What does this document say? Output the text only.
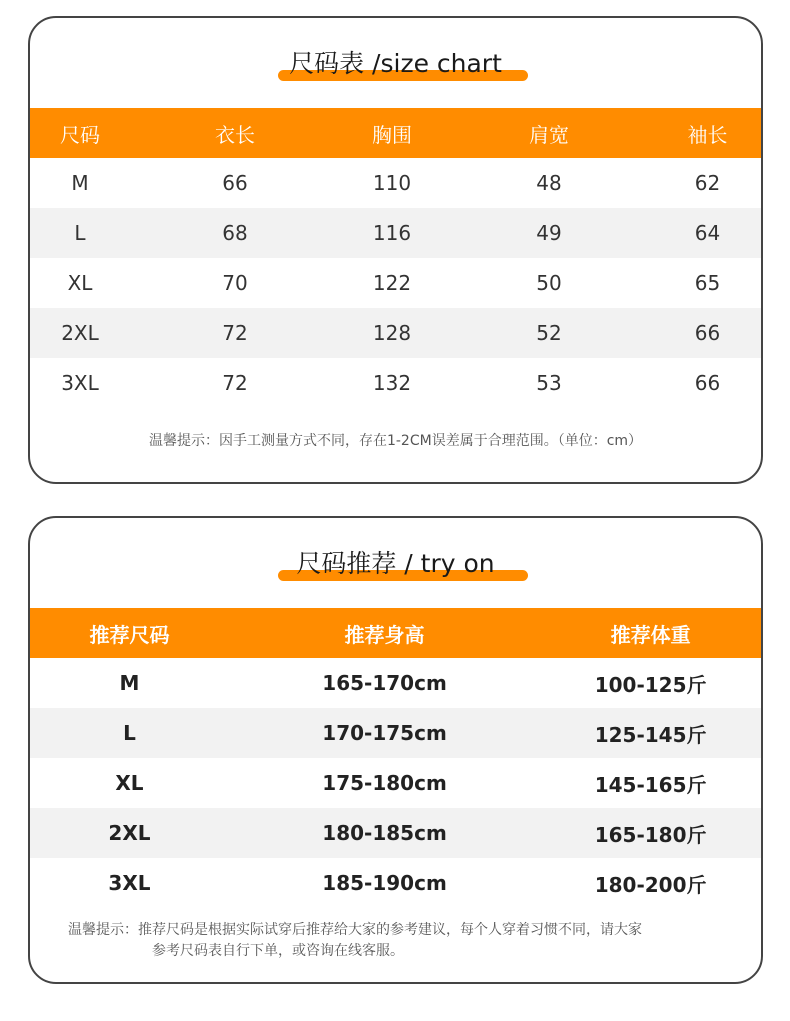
尺码表 /size chart
尺码	衣长	胸围	肩宽	袖长
M	66	110	48	62
L	68	116	49	64
XL	70	122	50	65
2XL	72	128	52	66
3XL	72	132	53	66
温馨提示：因手工测量方式不同，存在1-2CM误差属于合理范围。（单位：cm）
尺码推荐 / try on
推荐尺码	推荐身高	推荐体重
M	165-170cm	100-125斤
L	170-175cm	125-145斤
XL	175-180cm	145-165斤
2XL	180-185cm	165-180斤
3XL	185-190cm	180-200斤
温馨提示：推荐尺码是根据实际试穿后推荐给大家的参考建议，每个人穿着习惯不同，请大家
参考尺码表自行下单，或咨询在线客服。
